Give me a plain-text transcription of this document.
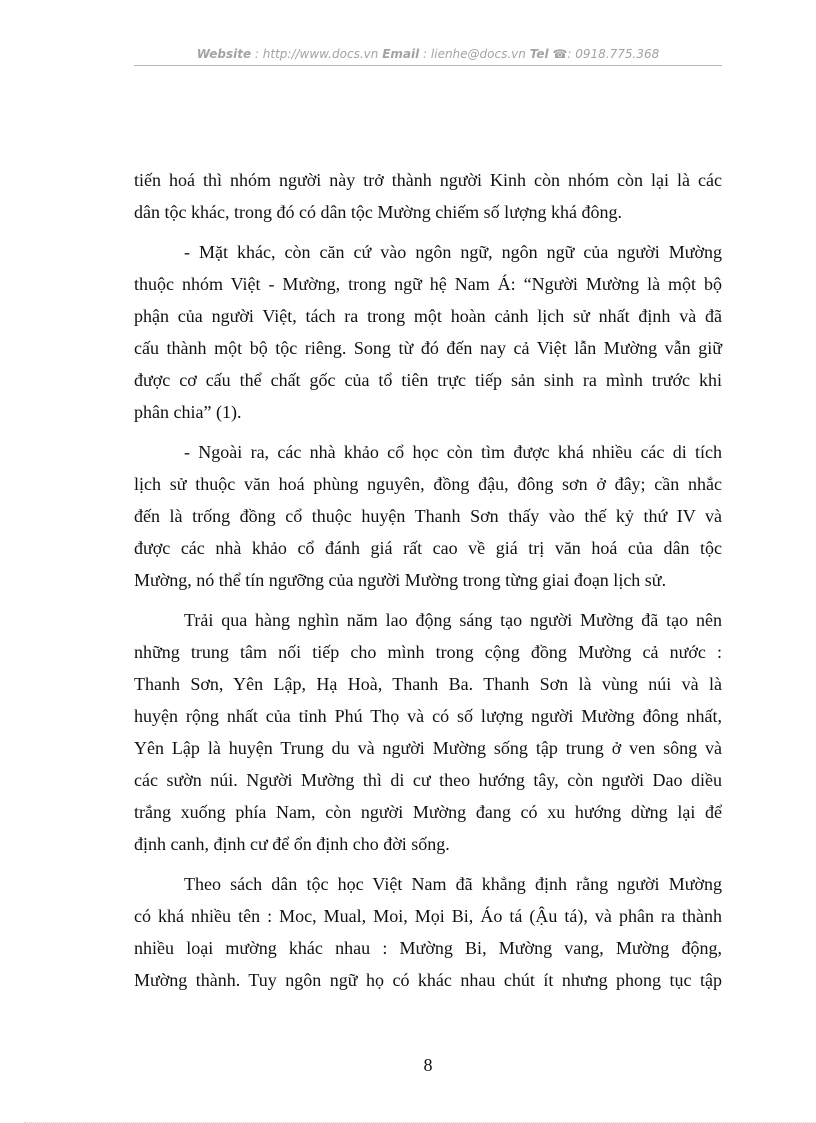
Website : http://www.docs.vn Email : lienhe@docs.vn Tel ☎: 0918.775.368
tiến hoá thì nhóm người này trở thành người Kinh còn nhóm còn lại là các
dân tộc khác, trong đó có dân tộc Mường chiếm số lượng khá đông.
- Mặt khác, còn căn cứ vào ngôn ngữ, ngôn ngữ của người Mường
thuộc nhóm Việt - Mường, trong ngữ hệ Nam Á: “Người Mường là một bộ
phận của người Việt, tách ra trong một hoàn cảnh lịch sử nhất định và đã
cấu thành một bộ tộc riêng. Song từ đó đến nay cả Việt lẫn Mường vẫn giữ
được cơ cấu thể chất gốc của tổ tiên trực tiếp sản sinh ra mình trước khi
phân chia” (1).
- Ngoài ra, các nhà khảo cổ học còn tìm được khá nhiều các di tích
lịch sử thuộc văn hoá phùng nguyên, đồng đậu, đông sơn ở đây; cần nhắc
đến là trống đồng cổ thuộc huyện Thanh Sơn thấy vào thế kỷ thứ IV và
được các nhà khảo cổ đánh giá rất cao về giá trị văn hoá của dân tộc
Mường, nó thể tín ngưỡng của người Mường trong từng giai đoạn lịch sử.
Trải qua hàng nghìn năm lao động sáng tạo người Mường đã tạo nên
những trung tâm nối tiếp cho mình trong cộng đồng Mường cả nước :
Thanh Sơn, Yên Lập, Hạ Hoà, Thanh Ba. Thanh Sơn là vùng núi và là
huyện rộng nhất của tỉnh Phú Thọ và có số lượng người Mường đông nhất,
Yên Lập là huyện Trung du và người Mường sống tập trung ở ven sông và
các sườn núi. Người Mường thì di cư theo hướng tây, còn người Dao diều
trắng xuống phía Nam, còn người Mường đang có xu hướng dừng lại để
định canh, định cư để ổn định cho đời sống.
Theo sách dân tộc học Việt Nam đã khẳng định rằng người Mường
có khá nhiều tên : Moc, Mual, Moi, Mọi Bi, Áo tá (Ậu tá), và phân ra thành
nhiều loại mường khác nhau : Mường Bi, Mường vang, Mường động,
Mường thành. Tuy ngôn ngữ họ có khác nhau chút ít nhưng phong tục tập
8
